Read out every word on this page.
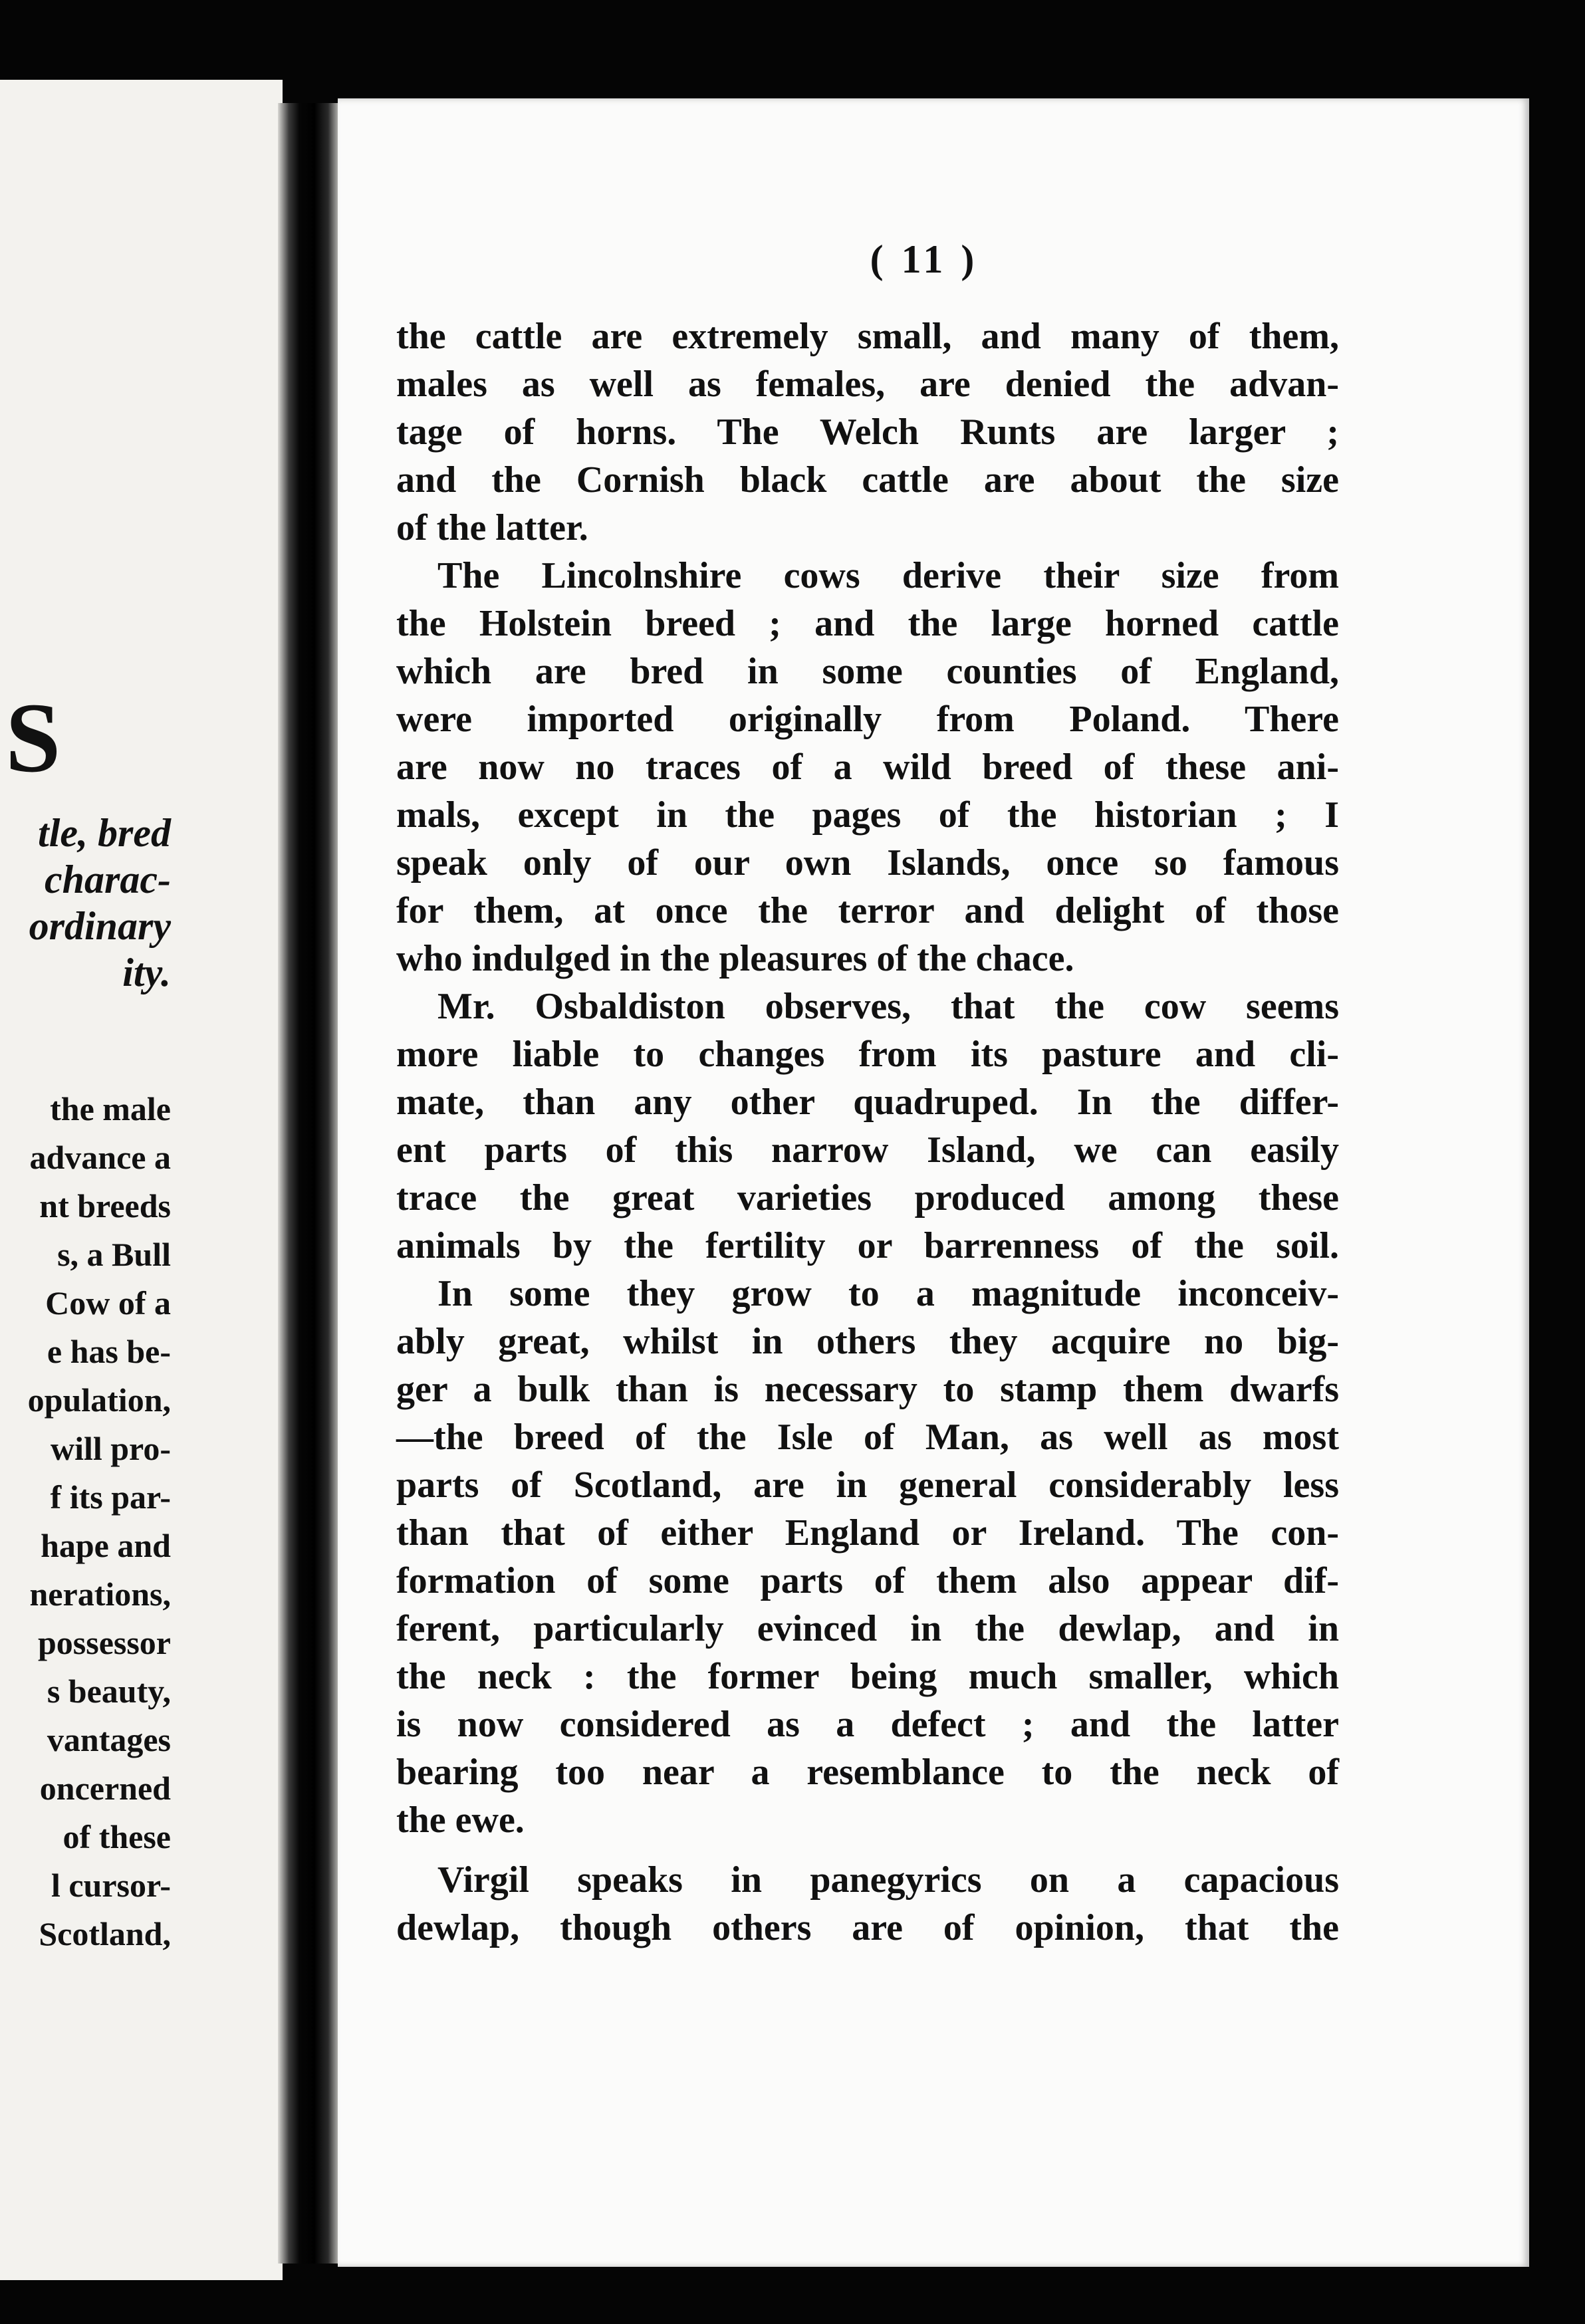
S
tle, bred
charac-
ordinary
ity.
the male
advance a
nt breeds
s, a Bull
Cow of a
e has be-
opulation,
will pro-
f its par-
hape and
nerations,
possessor
s beauty,
vantages
oncerned
of these
l cursor-
Scotland,
( 11 )
the cattle are extremely small, and many of them,
males as well as females, are denied the advan-
tage of horns. The Welch Runts are larger ;
and the Cornish black cattle are about the size
of the latter.
The Lincolnshire cows derive their size from
the Holstein breed ; and the large horned cattle
which are bred in some counties of England,
were imported originally from Poland. There
are now no traces of a wild breed of these ani-
mals, except in the pages of the historian ; I
speak only of our own Islands, once so famous
for them, at once the terror and delight of those
who indulged in the pleasures of the chace.
Mr. Osbaldiston observes, that the cow seems
more liable to changes from its pasture and cli-
mate, than any other quadruped. In the differ-
ent parts of this narrow Island, we can easily
trace the great varieties produced among these
animals by the fertility or barrenness of the soil.
In some they grow to a magnitude inconceiv-
ably great, whilst in others they acquire no big-
ger a bulk than is necessary to stamp them dwarfs
—the breed of the Isle of Man, as well as most
parts of Scotland, are in general considerably less
than that of either England or Ireland. The con-
formation of some parts of them also appear dif-
ferent, particularly evinced in the dewlap, and in
the neck : the former being much smaller, which
is now considered as a defect ; and the latter
bearing too near a resemblance to the neck of
the ewe.
Virgil speaks in panegyrics on a capacious
dewlap, though others are of opinion, that the
